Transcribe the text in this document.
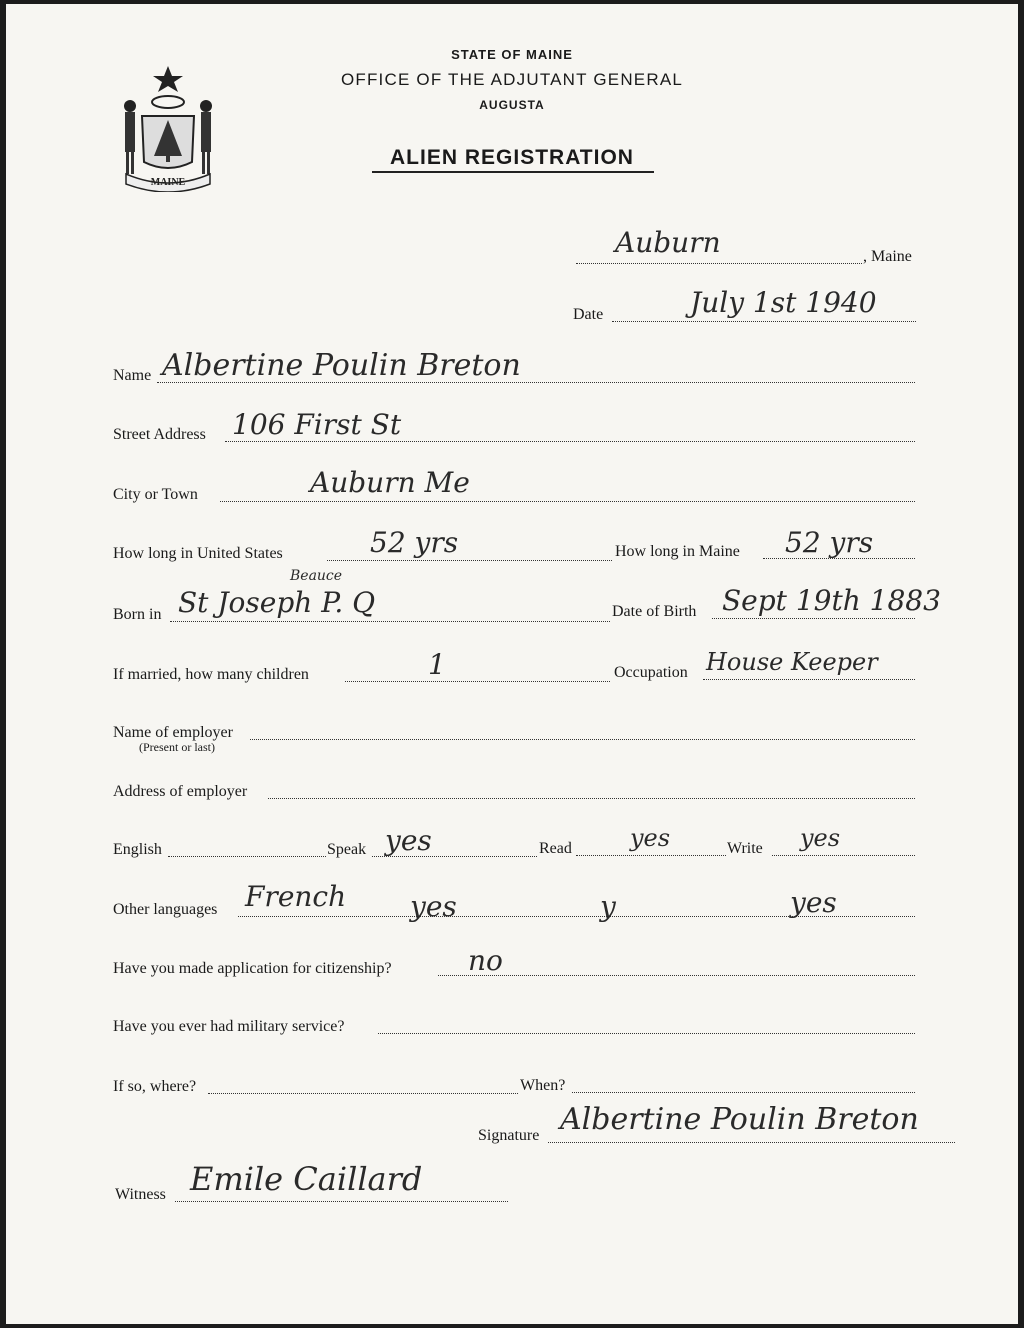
MAINE
STATE OF MAINE
OFFICE OF THE ADJUTANT GENERAL
AUGUSTA
ALIEN REGISTRATION
Auburn	, Maine
Date	July 1st 1940
Name Albertine Poulin Breton
Street Address 106 First St
City or Town	Auburn Me
How long in United States	52 yrs	How long in Maine 52 yrs
Beauce
Born in St Joseph P. Q	Date of Birth Sept 19th 1883
If married, how many children	1	Occupation House Keeper
Name of employer
(Present or last)
Address of employer
English	Speak yes	Read yes	Write yes
Other languages French yes	y	yes
Have you made application for citizenship?	no
Have you ever had military service?
If so, where?	When?
Signature Albertine Poulin Breton
Witness Emile Caillard
